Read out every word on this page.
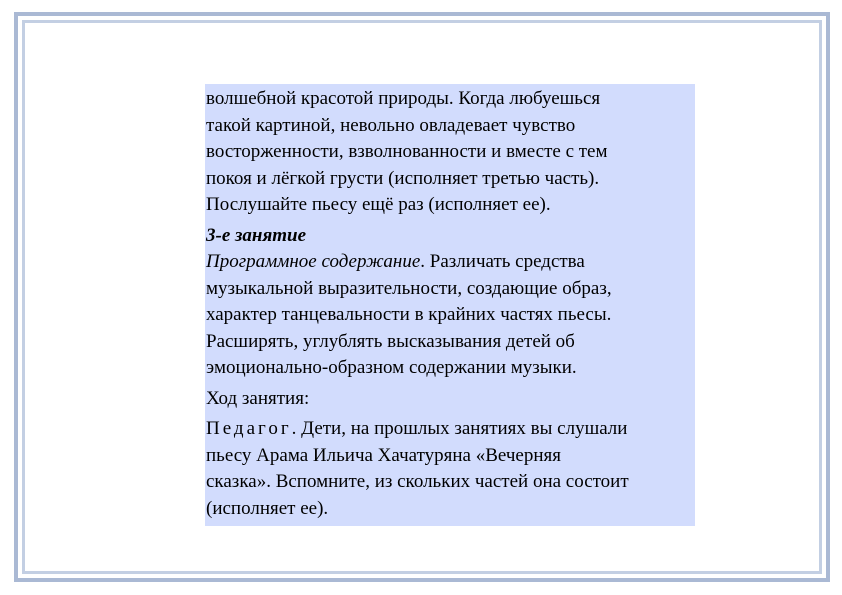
волшебной красотой природы. Когда любуешься
такой картиной, невольно овладевает чувство
восторженности, взволнованности и вместе с тем
покоя и лёгкой грусти (исполняет третью часть).
Послушайте пьесу ещё раз (исполняет ее).
3-е занятие
Программное содержание. Различать средства
музыкальной выразительности, создающие образ,
характер танцевальности в крайних частях пьесы.
Расширять, углублять высказывания детей об
эмоционально-образном содержании музыки.
Ход занятия:
Педагог. Дети, на прошлых занятиях вы слушали
пьесу Арама Ильича Хачатуряна «Вечерняя
сказка». Вспомните, из скольких частей она состоит
(исполняет ее).
